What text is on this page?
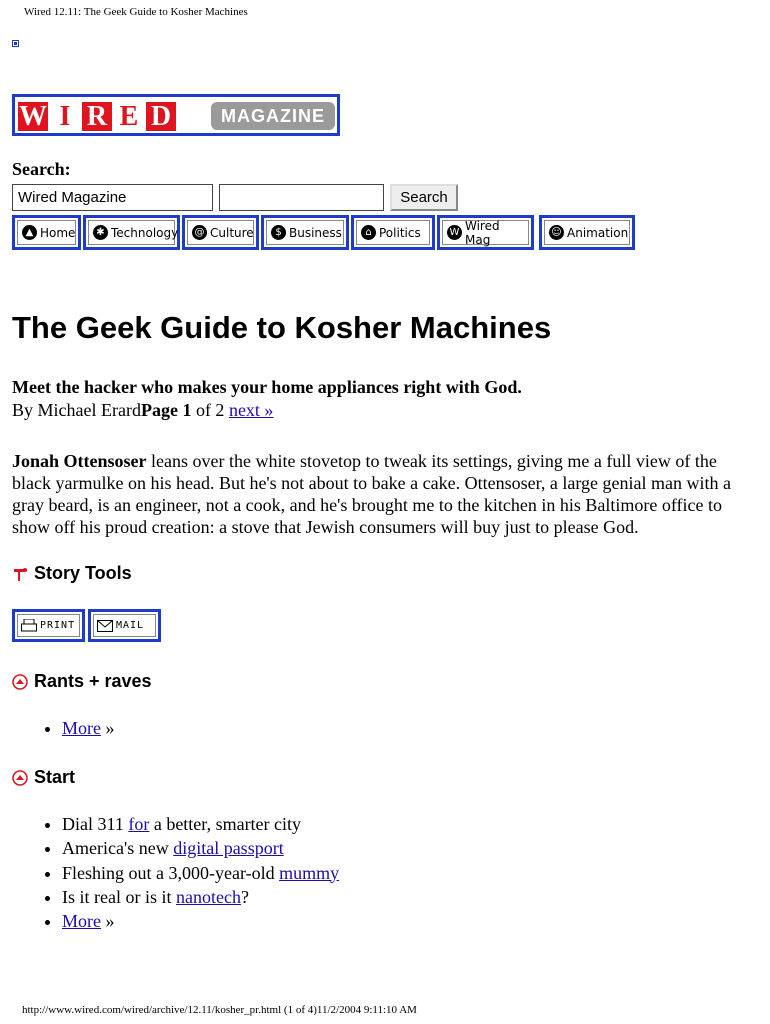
Wired 12.11: The Geek Guide to Kosher Machines
W I R E D	MAGAZINE
Search:
Wired Magazine	Search
▲ Home	✱ Technology @ Culture	$ Business	⌂ Politics	W Wired Mag	☺ Animation
The Geek Guide to Kosher Machines
Meet the hacker who makes your home appliances right with God.
By Michael ErardPage 1 of 2 next »
Jonah Ottensoser leans over the white stovetop to tweak its settings, giving me a full view of the black yarmulke on his head. But he's not about to bake a cake. Ottensoser, a large genial man with a gray beard, is an engineer, not a cook, and he's brought me to the kitchen in his Baltimore office to show off his proud creation: a stove that Jewish consumers will buy just to please God.
Story Tools
PRINT	MAIL
Rants + raves
• More »
Start
• Dial 311 for a better, smarter city
• America's new digital passport
• Fleshing out a 3,000-year-old mummy
• Is it real or is it nanotech?
• More »
http://www.wired.com/wired/archive/12.11/kosher_pr.html (1 of 4)11/2/2004 9:11:10 AM
